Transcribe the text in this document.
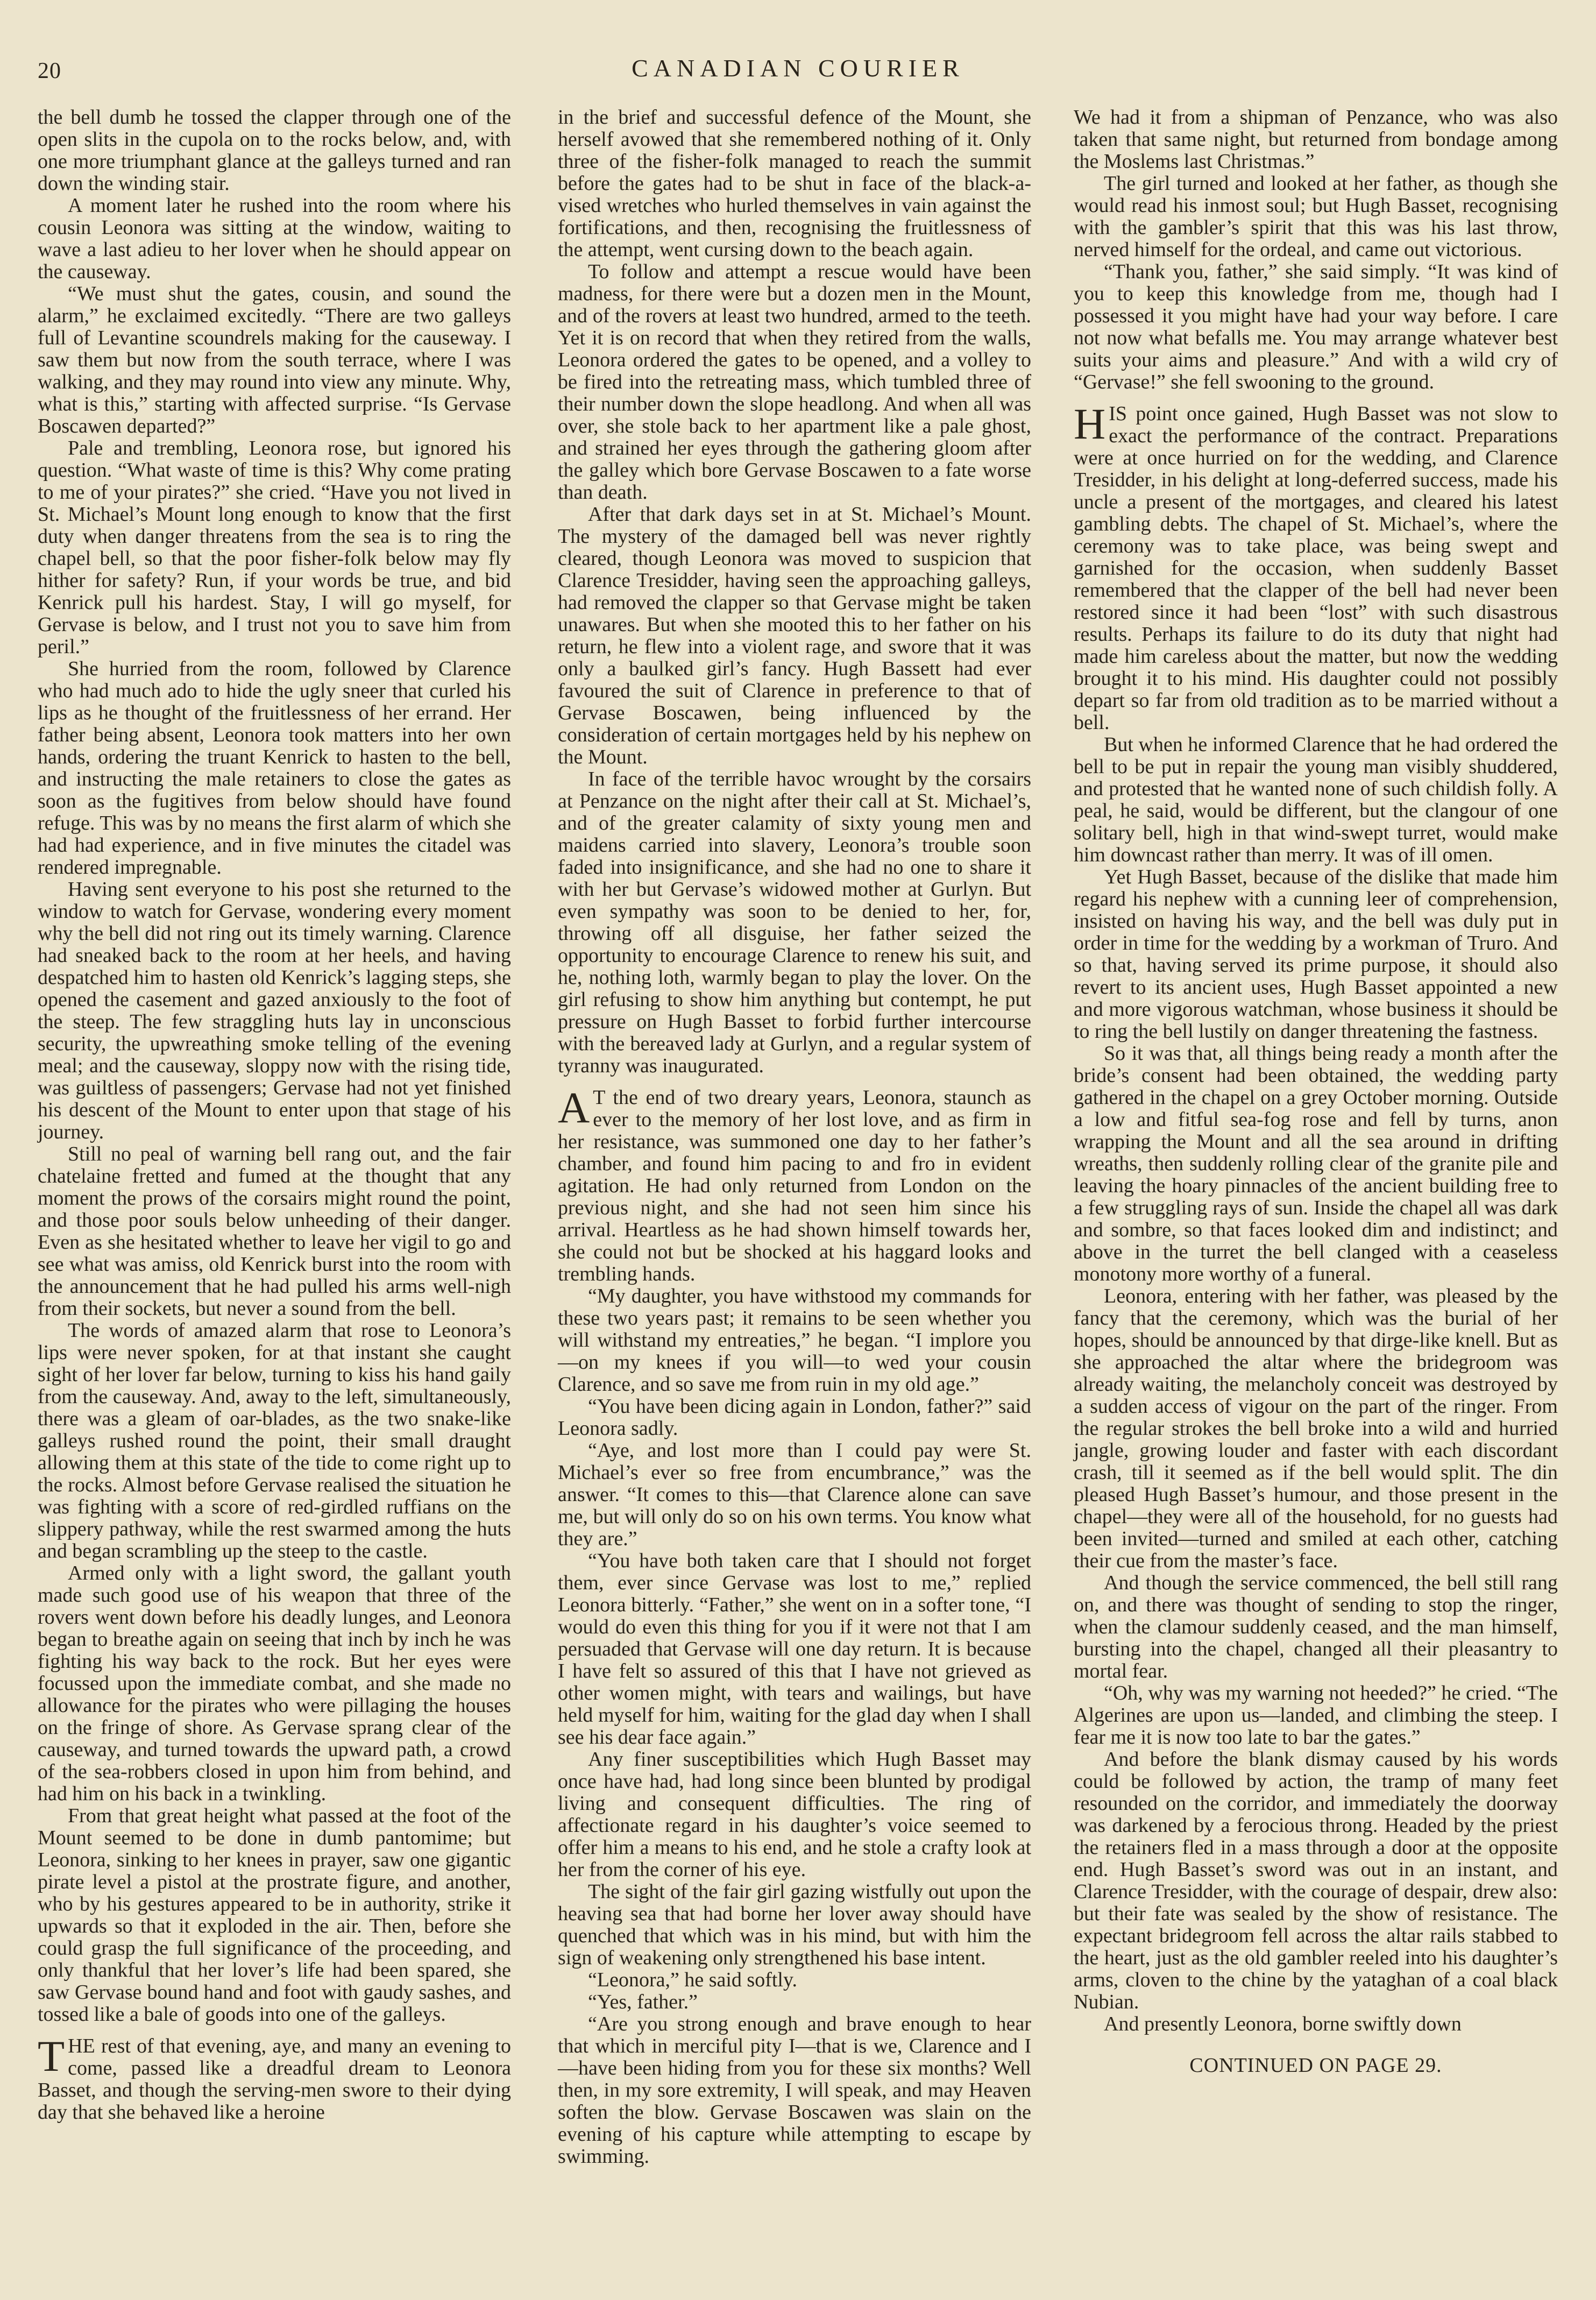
20	CANADIAN COURIER

the bell dumb he tossed the clapper through one of the open slits in the cupola on to the rocks below, and, with one more triumphant glance at the galleys turned and ran down the winding stair.

A moment later he rushed into the room where his cousin Leonora was sitting at the window, waiting to wave a last adieu to her lover when he should appear on the causeway.

“We must shut the gates, cousin, and sound the alarm,” he exclaimed excitedly. “There are two galleys full of Levantine scoundrels making for the causeway. I saw them but now from the south terrace, where I was walking, and they may round into view any minute. Why, what is this,” starting with affected surprise. “Is Gervase Boscawen departed?”

Pale and trembling, Leonora rose, but ignored his question. “What waste of time is this? Why come prating to me of your pirates?” she cried. “Have you not lived in St. Michael’s Mount long enough to know that the first duty when danger threatens from the sea is to ring the chapel bell, so that the poor fisher-folk below may fly hither for safety? Run, if your words be true, and bid Kenrick pull his hardest. Stay, I will go myself, for Gervase is below, and I trust not you to save him from peril.”

She hurried from the room, followed by Clarence who had much ado to hide the ugly sneer that curled his lips as he thought of the fruitlessness of her errand. Her father being absent, Leonora took matters into her own hands, ordering the truant Kenrick to hasten to the bell, and instructing the male retainers to close the gates as soon as the fugitives from below should have found refuge. This was by no means the first alarm of which she had had experience, and in five minutes the citadel was rendered impregnable.

Having sent everyone to his post she returned to the window to watch for Gervase, wondering every moment why the bell did not ring out its timely warning. Clarence had sneaked back to the room at her heels, and having despatched him to hasten old Kenrick’s lagging steps, she opened the casement and gazed anxiously to the foot of the steep. The few straggling huts lay in unconscious security, the upwreathing smoke telling of the evening meal; and the causeway, sloppy now with the rising tide, was guiltless of passengers; Gervase had not yet finished his descent of the Mount to enter upon that stage of his journey.

Still no peal of warning bell rang out, and the fair chatelaine fretted and fumed at the thought that any moment the prows of the corsairs might round the point, and those poor souls below unheeding of their danger. Even as she hesitated whether to leave her vigil to go and see what was amiss, old Kenrick burst into the room with the announcement that he had pulled his arms well-nigh from their sockets, but never a sound from the bell.

The words of amazed alarm that rose to Leonora’s lips were never spoken, for at that instant she caught sight of her lover far below, turning to kiss his hand gaily from the causeway. And, away to the left, simultaneously, there was a gleam of oar-blades, as the two snake-like galleys rushed round the point, their small draught allowing them at this state of the tide to come right up to the rocks. Almost before Gervase realised the situation he was fighting with a score of red-girdled ruffians on the slippery pathway, while the rest swarmed among the huts and began scrambling up the steep to the castle.

Armed only with a light sword, the gallant youth made such good use of his weapon that three of the rovers went down before his deadly lunges, and Leonora began to breathe again on seeing that inch by inch he was fighting his way back to the rock. But her eyes were focussed upon the immediate combat, and she made no allowance for the pirates who were pillaging the houses on the fringe of shore. As Gervase sprang clear of the causeway, and turned towards the upward path, a crowd of the sea-robbers closed in upon him from behind, and had him on his back in a twinkling.

From that great height what passed at the foot of the Mount seemed to be done in dumb pantomime; but Leonora, sinking to her knees in prayer, saw one gigantic pirate level a pistol at the prostrate figure, and another, who by his gestures appeared to be in authority, strike it upwards so that it exploded in the air. Then, before she could grasp the full significance of the proceeding, and only thankful that her lover’s life had been spared, she saw Gervase bound hand and foot with gaudy sashes, and tossed like a bale of goods into one of the galleys.

THE rest of that evening, aye, and many an evening to come, passed like a dreadful dream to Leonora Basset, and though the serving-men swore to their dying day that she behaved like a heroine

in the brief and successful defence of the Mount, she herself avowed that she remembered nothing of it. Only three of the fisher-folk managed to reach the summit before the gates had to be shut in face of the black-a-vised wretches who hurled themselves in vain against the fortifications, and then, recognising the fruitlessness of the attempt, went cursing down to the beach again.

To follow and attempt a rescue would have been madness, for there were but a dozen men in the Mount, and of the rovers at least two hundred, armed to the teeth. Yet it is on record that when they retired from the walls, Leonora ordered the gates to be opened, and a volley to be fired into the retreating mass, which tumbled three of their number down the slope headlong. And when all was over, she stole back to her apartment like a pale ghost, and strained her eyes through the gathering gloom after the galley which bore Gervase Boscawen to a fate worse than death.

After that dark days set in at St. Michael’s Mount. The mystery of the damaged bell was never rightly cleared, though Leonora was moved to suspicion that Clarence Tresidder, having seen the approaching galleys, had removed the clapper so that Gervase might be taken unawares. But when she mooted this to her father on his return, he flew into a violent rage, and swore that it was only a baulked girl’s fancy. Hugh Bassett had ever favoured the suit of Clarence in preference to that of Gervase Boscawen, being influenced by the consideration of certain mortgages held by his nephew on the Mount.

In face of the terrible havoc wrought by the corsairs at Penzance on the night after their call at St. Michael’s, and of the greater calamity of sixty young men and maidens carried into slavery, Leonora’s trouble soon faded into insignificance, and she had no one to share it with her but Gervase’s widowed mother at Gurlyn. But even sympathy was soon to be denied to her, for, throwing off all disguise, her father seized the opportunity to encourage Clarence to renew his suit, and he, nothing loth, warmly began to play the lover. On the girl refusing to show him anything but contempt, he put pressure on Hugh Basset to forbid further intercourse with the bereaved lady at Gurlyn, and a regular system of tyranny was inaugurated.

AT the end of two dreary years, Leonora, staunch as ever to the memory of her lost love, and as firm in her resistance, was summoned one day to her father’s chamber, and found him pacing to and fro in evident agitation. He had only returned from London on the previous night, and she had not seen him since his arrival. Heartless as he had shown himself towards her, she could not but be shocked at his haggard looks and trembling hands.

“My daughter, you have withstood my commands for these two years past; it remains to be seen whether you will withstand my entreaties,” he began. “I implore you—on my knees if you will—to wed your cousin Clarence, and so save me from ruin in my old age.”

“You have been dicing again in London, father?” said Leonora sadly.

“Aye, and lost more than I could pay were St. Michael’s ever so free from encumbrance,” was the answer. “It comes to this—that Clarence alone can save me, but will only do so on his own terms. You know what they are.”

“You have both taken care that I should not forget them, ever since Gervase was lost to me,” replied Leonora bitterly. “Father,” she went on in a softer tone, “I would do even this thing for you if it were not that I am persuaded that Gervase will one day return. It is because I have felt so assured of this that I have not grieved as other women might, with tears and wailings, but have held myself for him, waiting for the glad day when I shall see his dear face again.”

Any finer susceptibilities which Hugh Basset may once have had, had long since been blunted by prodigal living and consequent difficulties. The ring of affectionate regard in his daughter’s voice seemed to offer him a means to his end, and he stole a crafty look at her from the corner of his eye.

The sight of the fair girl gazing wistfully out upon the heaving sea that had borne her lover away should have quenched that which was in his mind, but with him the sign of weakening only strengthened his base intent.

“Leonora,” he said softly.

“Yes, father.”

“Are you strong enough and brave enough to hear that which in merciful pity I—that is we, Clarence and I—have been hiding from you for these six months? Well then, in my sore extremity, I will speak, and may Heaven soften the blow. Gervase Boscawen was slain on the evening of his capture while attempting to escape by swimming.

We had it from a shipman of Penzance, who was also taken that same night, but returned from bondage among the Moslems last Christmas.”

The girl turned and looked at her father, as though she would read his inmost soul; but Hugh Basset, recognising with the gambler’s spirit that this was his last throw, nerved himself for the ordeal, and came out victorious.

“Thank you, father,” she said simply. “It was kind of you to keep this knowledge from me, though had I possessed it you might have had your way before. I care not now what befalls me. You may arrange whatever best suits your aims and pleasure.” And with a wild cry of “Gervase!” she fell swooning to the ground.

HIS point once gained, Hugh Basset was not slow to exact the performance of the contract. Preparations were at once hurried on for the wedding, and Clarence Tresidder, in his delight at long-deferred success, made his uncle a present of the mortgages, and cleared his latest gambling debts. The chapel of St. Michael’s, where the ceremony was to take place, was being swept and garnished for the occasion, when suddenly Basset remembered that the clapper of the bell had never been restored since it had been “lost” with such disastrous results. Perhaps its failure to do its duty that night had made him careless about the matter, but now the wedding brought it to his mind. His daughter could not possibly depart so far from old tradition as to be married without a bell.

But when he informed Clarence that he had ordered the bell to be put in repair the young man visibly shuddered, and protested that he wanted none of such childish folly. A peal, he said, would be different, but the clangour of one solitary bell, high in that wind-swept turret, would make him downcast rather than merry. It was of ill omen.

Yet Hugh Basset, because of the dislike that made him regard his nephew with a cunning leer of comprehension, insisted on having his way, and the bell was duly put in order in time for the wedding by a workman of Truro. And so that, having served its prime purpose, it should also revert to its ancient uses, Hugh Basset appointed a new and more vigorous watchman, whose business it should be to ring the bell lustily on danger threatening the fastness.

So it was that, all things being ready a month after the bride’s consent had been obtained, the wedding party gathered in the chapel on a grey October morning. Outside a low and fitful sea-fog rose and fell by turns, anon wrapping the Mount and all the sea around in drifting wreaths, then suddenly rolling clear of the granite pile and leaving the hoary pinnacles of the ancient building free to a few struggling rays of sun. Inside the chapel all was dark and sombre, so that faces looked dim and indistinct; and above in the turret the bell clanged with a ceaseless monotony more worthy of a funeral.

Leonora, entering with her father, was pleased by the fancy that the ceremony, which was the burial of her hopes, should be announced by that dirge-like knell. But as she approached the altar where the bridegroom was already waiting, the melancholy conceit was destroyed by a sudden access of vigour on the part of the ringer. From the regular strokes the bell broke into a wild and hurried jangle, growing louder and faster with each discordant crash, till it seemed as if the bell would split. The din pleased Hugh Basset’s humour, and those present in the chapel—they were all of the household, for no guests had been invited—turned and smiled at each other, catching their cue from the master’s face.

And though the service commenced, the bell still rang on, and there was thought of sending to stop the ringer, when the clamour suddenly ceased, and the man himself, bursting into the chapel, changed all their pleasantry to mortal fear.

“Oh, why was my warning not heeded?” he cried. “The Algerines are upon us—landed, and climbing the steep. I fear me it is now too late to bar the gates.”

And before the blank dismay caused by his words could be followed by action, the tramp of many feet resounded on the corridor, and immediately the doorway was darkened by a ferocious throng. Headed by the priest the retainers fled in a mass through a door at the opposite end. Hugh Basset’s sword was out in an instant, and Clarence Tresidder, with the courage of despair, drew also: but their fate was sealed by the show of resistance. The expectant bridegroom fell across the altar rails stabbed to the heart, just as the old gambler reeled into his daughter’s arms, cloven to the chine by the yataghan of a coal black Nubian.

And presently Leonora, borne swiftly down

CONTINUED ON PAGE 29.
